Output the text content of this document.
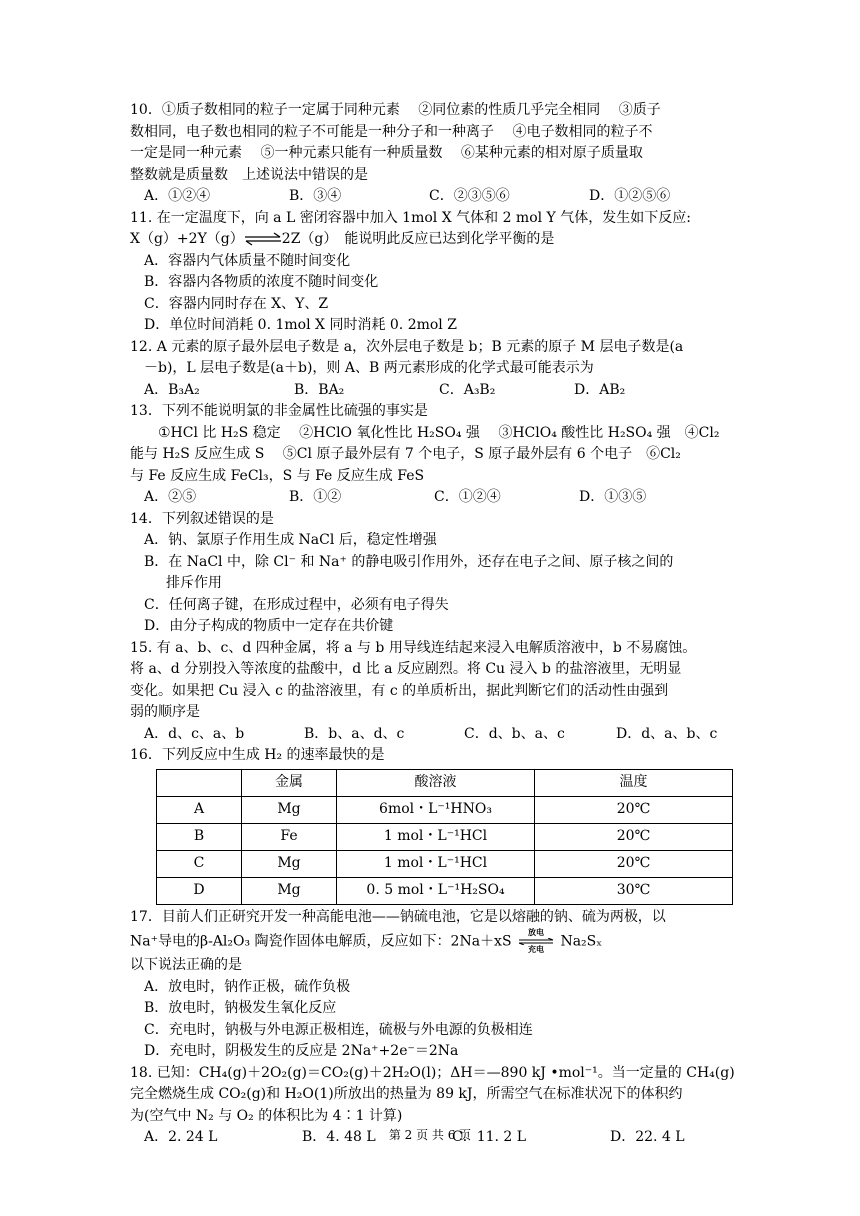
10．①质子数相同的粒子一定属于同种元素　 ②同位素的性质几乎完全相同　 ③质子

数相同，电子数也相同的粒子不可能是一种分子和一种离子　 ④电子数相同的粒子不

一定是同一种元素　 ⑤一种元素只能有一种质量数　 ⑥某种元素的相对原子质量取

整数就是质量数　上述说法中错误的是

A．①②④	B．③④	C．②③⑤⑥	D．①②⑤⑥

11. 在一定温度下，向 a L 密闭容器中加入 1mol X 气体和 2 mol Y 气体，发生如下反应:

X（g）+2Y（g）⇌2Z（g）　能说明此反应已达到化学平衡的是

A．容器内气体质量不随时间变化

B．容器内各物质的浓度不随时间变化

C．容器内同时存在 X、Y、Z

D．单位时间消耗 0. 1mol X 同时消耗 0. 2mol Z

12. A 元素的原子最外层电子数是 a，次外层电子数是 b；B 元素的原子 M 层电子数是(a

－b)，L 层电子数是(a＋b)，则 A、B 两元素形成的化学式最可能表示为

A．B₃A₂	B．BA₂	C．A₃B₂	D．AB₂

13．下列不能说明氯的非金属性比硫强的事实是

①HCl 比 H₂S 稳定　 ②HClO 氧化性比 H₂SO₄ 强　 ③HClO₄ 酸性比 H₂SO₄ 强　④Cl₂

能与 H₂S 反应生成 S　 ⑤Cl 原子最外层有 7 个电子，S 原子最外层有 6 个电子　⑥Cl₂

与 Fe 反应生成 FeCl₃，S 与 Fe 反应生成 FeS

A．②⑤	B．①②	C．①②④	D．①③⑤

14．下列叙述错误的是

A．钠、氯原子作用生成 NaCl 后，稳定性增强

B．在 NaCl 中，除 Cl⁻ 和 Na⁺ 的静电吸引作用外，还存在电子之间、原子核之间的

排斥作用

C．任何离子键，在形成过程中，必须有电子得失

D．由分子构成的物质中一定存在共价键

15. 有 a、b、c、d 四种金属，将 a 与 b 用导线连结起来浸入电解质溶液中，b 不易腐蚀。

将 a、d 分别投入等浓度的盐酸中，d 比 a 反应剧烈。将 Cu 浸入 b 的盐溶液里，无明显

变化。如果把 Cu 浸入 c 的盐溶液里，有 c 的单质析出，据此判断它们的活动性由强到

弱的顺序是

A．d、c、a、b	B．b、a、d、c	C．d、b、a、c	D．d、a、b、c

16．下列反应中生成 H₂ 的速率最快的是

	金属	酸溶液	温度
A	Mg	6mol・L⁻¹HNO₃	20℃
B	Fe	1 mol・L⁻¹HCl	20℃
C	Mg	1 mol・L⁻¹HCl	20℃
D	Mg	0. 5 mol・L⁻¹H₂SO₄	30℃

17．目前人们正研究开发一种高能电池——钠硫电池，它是以熔融的钠、硫为两极，以

Na⁺导电的β-Al₂O₃ 陶瓷作固体电解质，反应如下：2Na＋xS
放电
充电 Na₂Sₓ

以下说法正确的是

A．放电时，钠作正极，硫作负极

B．放电时，钠极发生氧化反应

C．充电时，钠极与外电源正极相连，硫极与外电源的负极相连

D．充电时，阴极发生的反应是 2Na⁺+2e⁻＝2Na

18. 已知：CH₄(g)＋2O₂(g)＝CO₂(g)＋2H₂O(l)；ΔH＝—890 kJ •mol⁻¹。当一定量的 CH₄(g)

完全燃烧生成 CO₂(g)和 H₂O(1)所放出的热量为 89 kJ，所需空气在标准状况下的体积约

为(空气中 N₂ 与 O₂ 的体积比为 4∶1 计算)

A．2. 24 L	B．4. 48 L	C．11. 2 L	D．22. 4 L
第 2 页 共 6 页
